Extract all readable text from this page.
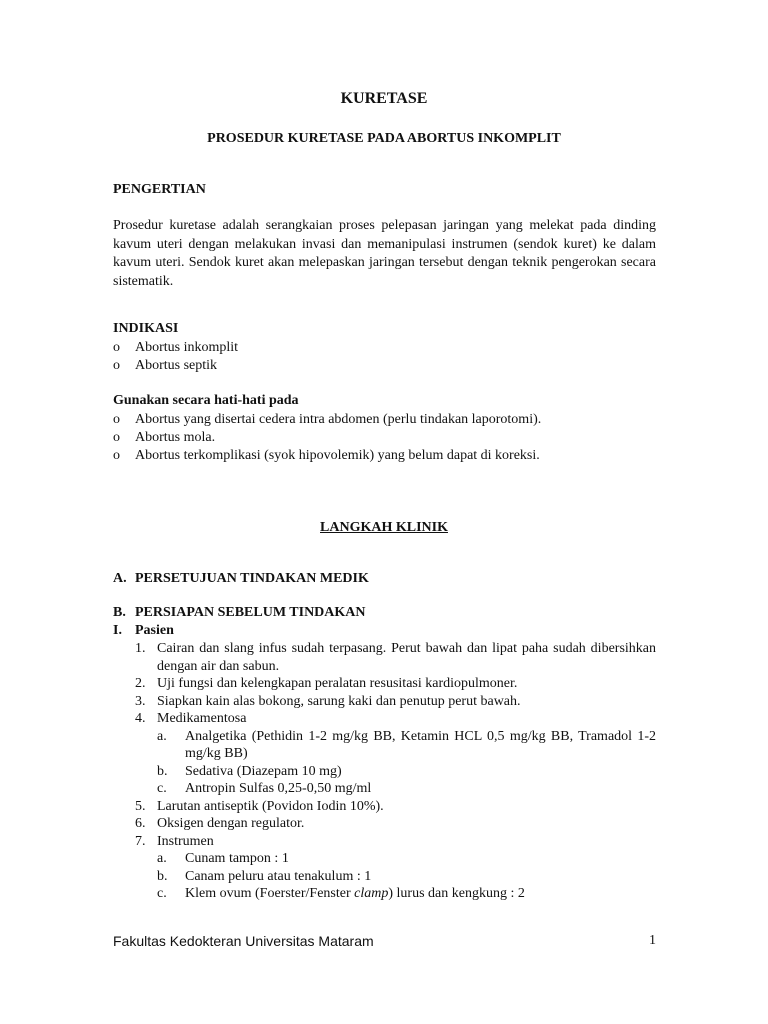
KURETASE
PROSEDUR KURETASE PADA ABORTUS INKOMPLIT
PENGERTIAN
Prosedur kuretase adalah serangkaian proses pelepasan jaringan yang melekat pada dinding kavum uteri dengan melakukan invasi dan memanipulasi instrumen (sendok kuret) ke dalam kavum uteri. Sendok kuret akan melepaskan jaringan tersebut dengan teknik pengerokan secara sistematik.
INDIKASI
o Abortus inkomplit
o Abortus septik
Gunakan secara hati-hati pada
o Abortus yang disertai cedera intra abdomen (perlu tindakan laporotomi).
o Abortus mola.
o Abortus terkomplikasi (syok hipovolemik) yang belum dapat di koreksi.
LANGKAH KLINIK
A. PERSETUJUAN TINDAKAN MEDIK
B. PERSIAPAN SEBELUM TINDAKAN
I. Pasien
1. Cairan dan slang infus sudah terpasang. Perut bawah dan lipat paha sudah dibersihkan dengan air dan sabun.
2. Uji fungsi dan kelengkapan peralatan resusitasi kardiopulmoner.
3. Siapkan kain alas bokong, sarung kaki dan penutup perut bawah.
4. Medikamentosa
a. Analgetika (Pethidin 1-2 mg/kg BB, Ketamin HCL 0,5 mg/kg BB, Tramadol 1-2 mg/kg BB)
b. Sedativa (Diazepam 10 mg)
c. Antropin Sulfas 0,25-0,50 mg/ml
5. Larutan antiseptik (Povidon Iodin 10%).
6. Oksigen dengan regulator.
7. Instrumen
a. Cunam tampon : 1
b. Canam peluru atau tenakulum : 1
c. Klem ovum (Foerster/Fenster clamp) lurus dan kengkung : 2
Fakultas Kedokteran Universitas Mataram	1
